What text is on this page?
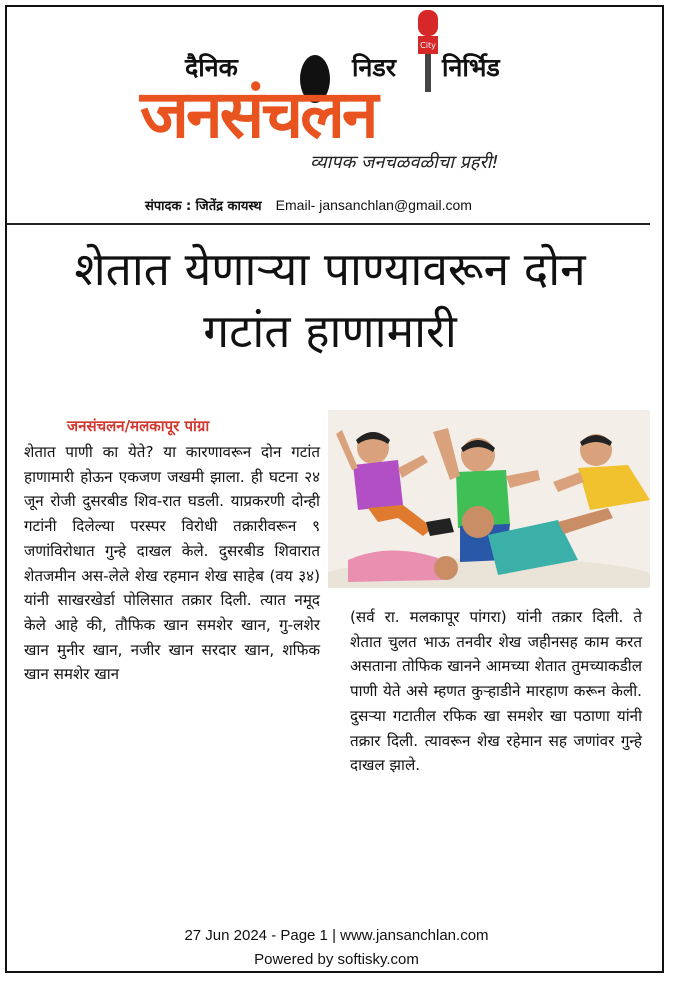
City
दैनिक	निडर निर्भिड
जनसंचलन
व्यापक जनचळवळीचा प्रहरी!
संपादक : जितेंद्र कायस्थ Email- jansanchlan@gmail.com
शेतात येणाऱ्या पाण्यावरून दोन
गटांत हाणामारी
जनसंचलन/मलकापूर पांग्रा

शेतात पाणी का येते? या कारणावरून दोन गटांत हाणामारी होऊन एकजण जखमी झाला. ही घटना २४ जून रोजी दुसरबीड शिव-रात घडली. याप्रकरणी दोन्ही गटांनी दिलेल्या परस्पर विरोधी तक्रारीवरून ९ जणांविरोधात गुन्हे दाखल केले. दुसरबीड शिवारात शेतजमीन अस-लेले शेख रहमान शेख साहेब (वय ३४) यांनी साखरखेर्डा पोलिसात तक्रार दिली. त्यात नमूद केले आहे की, तौफिक खान समशेर खान, गु-लशेर खान मुनीर खान, नजीर खान सरदार खान, शफिक खान समशेर खान

(सर्व रा. मलकापूर पांगरा) यांनी तक्रार दिली. ते शेतात चुलत भाऊ तनवीर शेख जहीनसह काम करत असताना तोफिक खानने आमच्या शेतात तुमच्याकडील पाणी येते असे म्हणत कुऱ्हाडीने मारहाण करून केली. दुसऱ्या गटातील रफिक खा समशेर खा पठाणा यांनी तक्रार दिली. त्यावरून शेख रहेमान सह जणांवर गुन्हे दाखल झाले.

27 Jun 2024 - Page 1 | www.jansanchlan.com
Powered by softisky.com
